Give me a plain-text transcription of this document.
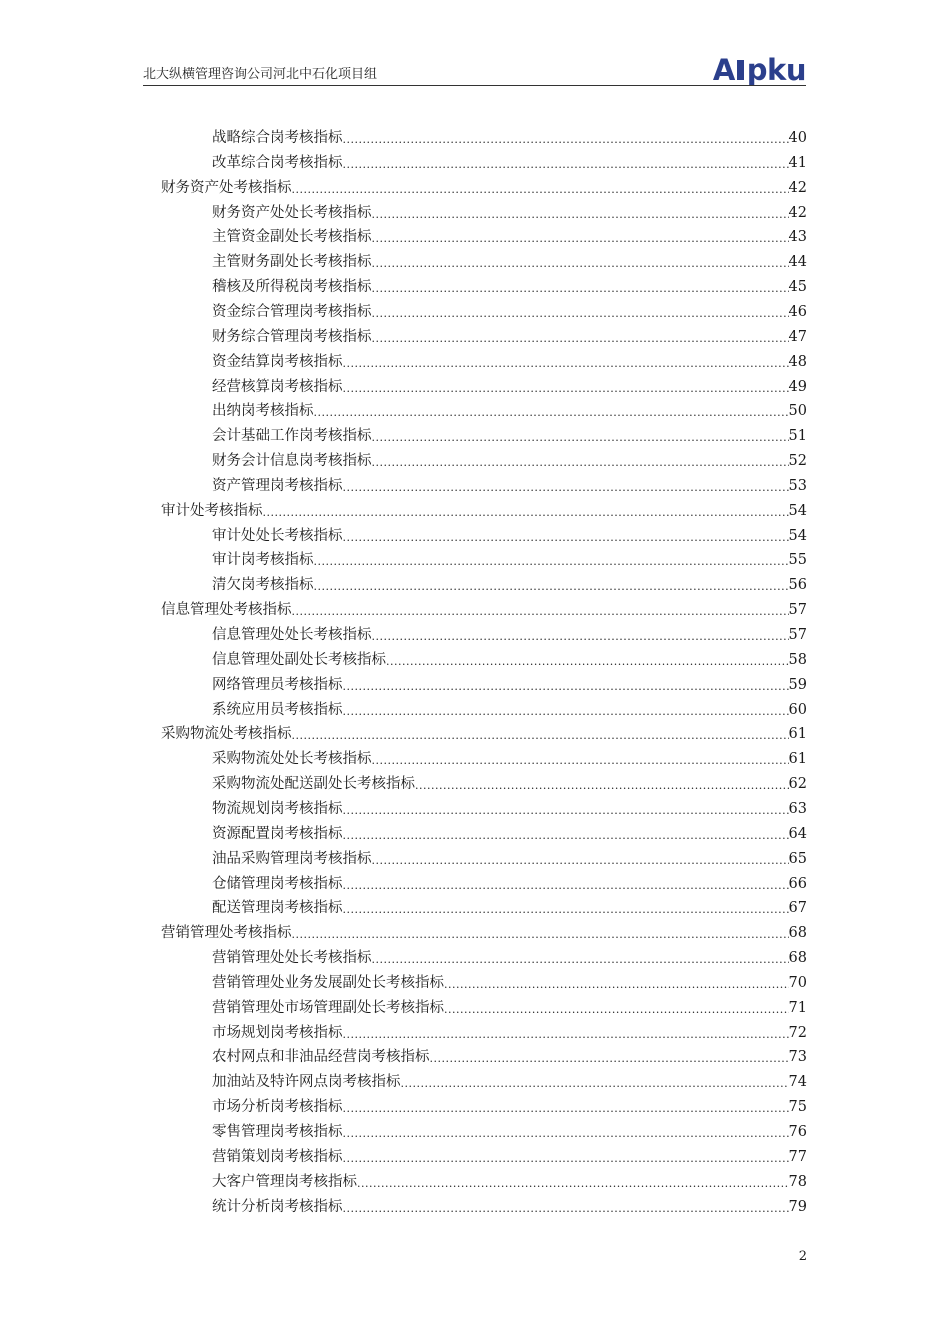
北大纵横管理咨询公司河北中石化项目组	A pku
战略综合岗考核指标 .....	40
改革综合岗考核指标 .....	41
财务资产处考核指标 .....	42
财务资产处处长考核指标 .....	42
主管资金副处长考核指标 .....	43
主管财务副处长考核指标 .....	44
稽核及所得税岗考核指标 .....	45
资金综合管理岗考核指标 .....	46
财务综合管理岗考核指标 .....	47
资金结算岗考核指标 .....	48
经营核算岗考核指标 .....	49
出纳岗考核指标 .....	50
会计基础工作岗考核指标 .....	51
财务会计信息岗考核指标 .....	52
资产管理岗考核指标 .....	53
审计处考核指标 .....	54
审计处处长考核指标 .....	54
审计岗考核指标 .....	55
清欠岗考核指标 .....	56
信息管理处考核指标 .....	57
信息管理处处长考核指标 .....	57
信息管理处副处长考核指标 .....	58
网络管理员考核指标 .....	59
系统应用员考核指标 .....	60
采购物流处考核指标 .....	61
采购物流处处长考核指标 .....	61
采购物流处配送副处长考核指标 .....	62
物流规划岗考核指标 .....	63
资源配置岗考核指标 .....	64
油品采购管理岗考核指标 .....	65
仓储管理岗考核指标 .....	66
配送管理岗考核指标 .....	67
营销管理处考核指标 .....	68
营销管理处处长考核指标 .....	68
营销管理处业务发展副处长考核指标 .....	70
营销管理处市场管理副处长考核指标 .....	71
市场规划岗考核指标 .....	72
农村网点和非油品经营岗考核指标 .....	73
加油站及特许网点岗考核指标 .....	74
市场分析岗考核指标 .....	75
零售管理岗考核指标 .....	76
营销策划岗考核指标 .....	77
大客户管理岗考核指标 .....	78
统计分析岗考核指标 .....	79
2
